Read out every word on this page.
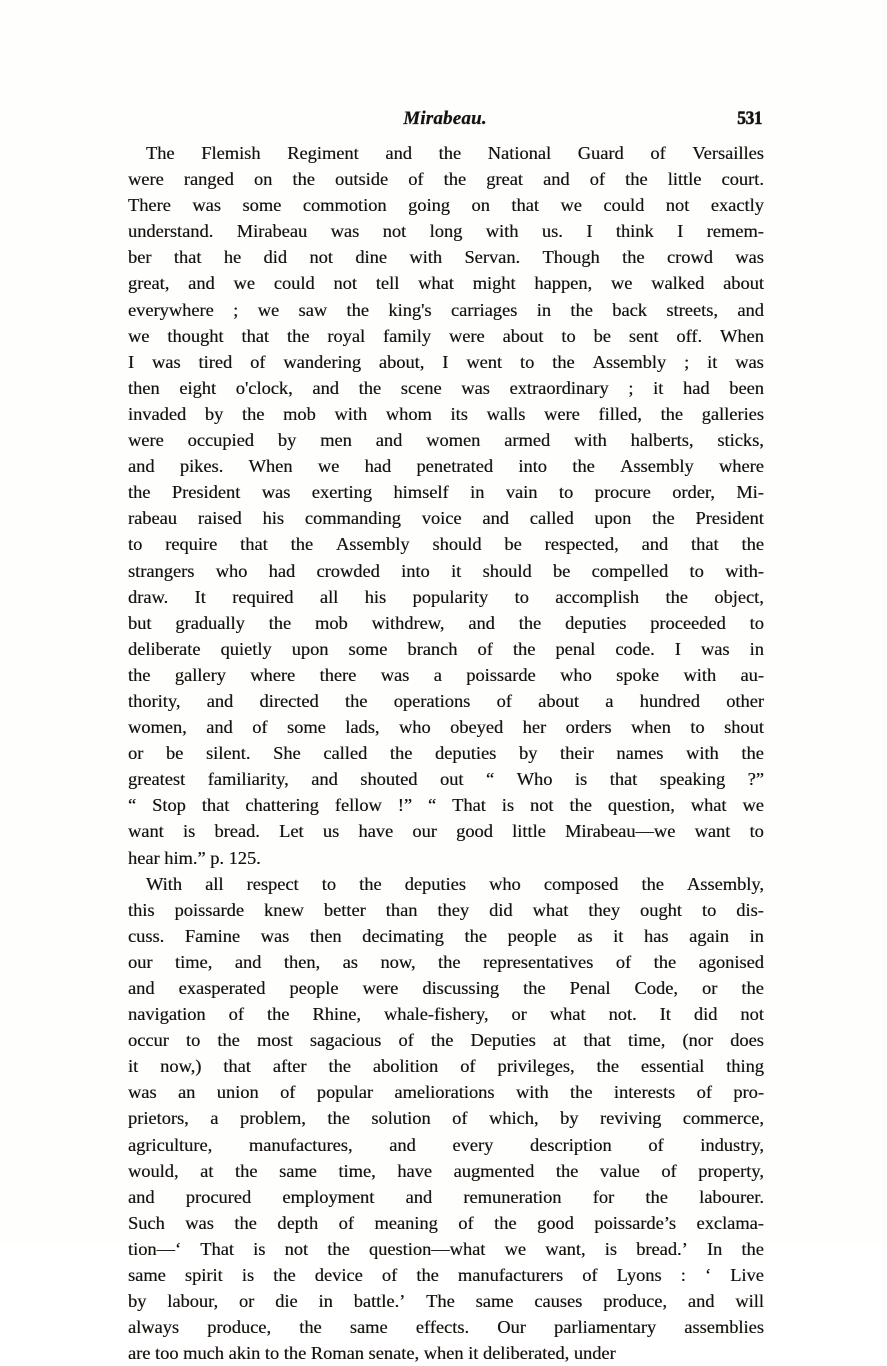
Mirabeau.	531
The Flemish Regiment and the National Guard of Versailles
were ranged on the outside of the great and of the little court.
There was some commotion going on that we could not exactly
understand. Mirabeau was not long with us. I think I remem-
ber that he did not dine with Servan. Though the crowd was
great, and we could not tell what might happen, we walked about
everywhere ; we saw the king's carriages in the back streets, and
we thought that the royal family were about to be sent off. When
I was tired of wandering about, I went to the Assembly ; it was
then eight o'clock, and the scene was extraordinary ; it had been
invaded by the mob with whom its walls were filled, the galleries
were occupied by men and women armed with halberts, sticks,
and pikes. When we had penetrated into the Assembly where
the President was exerting himself in vain to procure order, Mi-
rabeau raised his commanding voice and called upon the President
to require that the Assembly should be respected, and that the
strangers who had crowded into it should be compelled to with-
draw. It required all his popularity to accomplish the object,
but gradually the mob withdrew, and the deputies proceeded to
deliberate quietly upon some branch of the penal code. I was in
the gallery where there was a poissarde who spoke with au-
thority, and directed the operations of about a hundred other
women, and of some lads, who obeyed her orders when to shout
or be silent. She called the deputies by their names with the
greatest familiarity, and shouted out “ Who is that speaking ?”
“ Stop that chattering fellow !” “ That is not the question, what we
want is bread. Let us have our good little Mirabeau—we want to
hear him.” p. 125.
With all respect to the deputies who composed the Assembly,
this poissarde knew better than they did what they ought to dis-
cuss. Famine was then decimating the people as it has again in
our time, and then, as now, the representatives of the agonised
and exasperated people were discussing the Penal Code, or the
navigation of the Rhine, whale-fishery, or what not. It did not
occur to the most sagacious of the Deputies at that time, (nor does
it now,) that after the abolition of privileges, the essential thing
was an union of popular ameliorations with the interests of pro-
prietors, a problem, the solution of which, by reviving commerce,
agriculture, manufactures, and every description of industry,
would, at the same time, have augmented the value of property,
and procured employment and remuneration for the labourer.
Such was the depth of meaning of the good poissarde’s exclama-
tion—‘ That is not the question—what we want, is bread.’ In the
same spirit is the device of the manufacturers of Lyons : ‘ Live
by labour, or die in battle.’ The same causes produce, and will
always produce, the same effects. Our parliamentary assemblies
are too much akin to the Roman senate, when it deliberated, under
